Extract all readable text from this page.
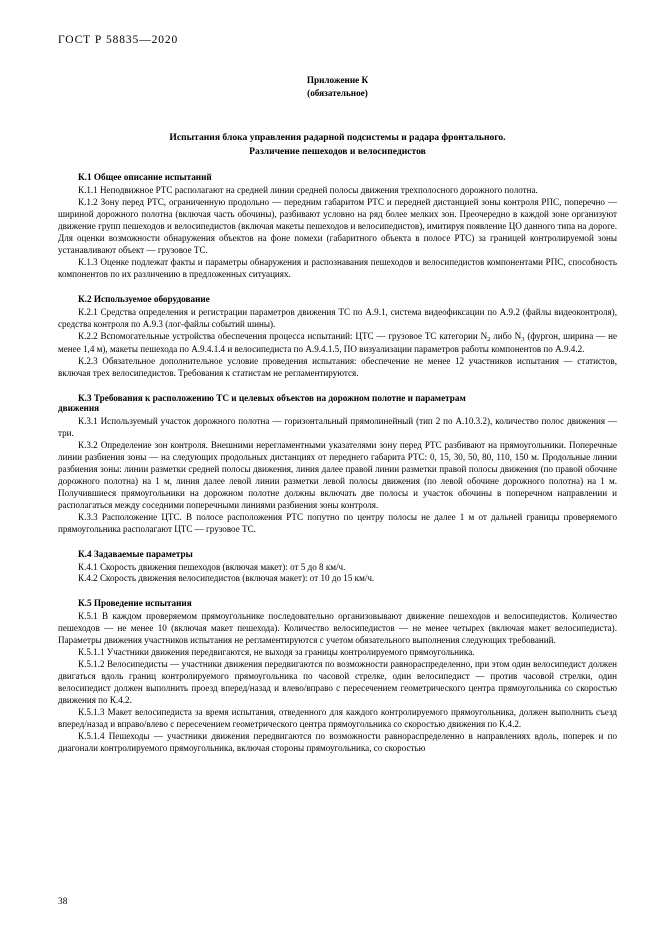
ГОСТ Р 58835—2020
Приложение К
(обязательное)
Испытания блока управления радарной подсистемы и радара фронтального.
Различение пешеходов и велосипедистов
К.1 Общее описание испытаний

К.1.1 Неподвижное РТС располагают на средней линии средней полосы движения трехполосного дорожного полотна.

К.1.2 Зону перед РТС, ограниченную продольно — передним габаритом РТС и передней дистанцией зоны контроля РПС, поперечно — шириной дорожного полотна (включая часть обочины), разбивают условно на ряд более мелких зон. Преочередно в каждой зоне организуют движение групп пешеходов и велосипедистов (включая макеты пешеходов и велосипедистов), имитируя появление ЦО данного типа на дороге. Для оценки возможности обнаружения объектов на фоне помехи (габаритного объекта в полосе РТС) за границей контролируемой зоны устанавливают объект — грузовое ТС.

К.1.3 Оценке подлежат факты и параметры обнаружения и распознавания пешеходов и велосипедистов компонентами РПС, способность компонентов по их различению в предложенных ситуациях.

К.2 Используемое оборудование

К.2.1 Средства определения и регистрации параметров движения ТС по А.9.1, система видеофиксации по А.9.2 (файлы видеоконтроля), средства контроля по А.9.3 (лог-файлы событий шины).

К.2.2 Вспомогательные устройства обеспечения процесса испытаний: ЦТС — грузовое ТС категории $N_2$ либо $N_3$ (фургон, ширина — не менее 1,4 м), макеты пешехода по А.9.4.1.4 и велосипедиста по А.9.4.1.5, ПО визуализации параметров работы компонентов по А.9.4.2.

К.2.3 Обязательное дополнительное условие проведения испытания: обеспечение не менее 12 участников испытания — статистов, включая трех велосипедистов. Требования к статистам не регламентируются.

К.3 Требования к расположению ТС и целевых объектов на дорожном полотне и параметрам
движения

К.3.1 Используемый участок дорожного полотна — горизонтальный прямолинейный (тип 2 по А.10.3.2), количество полос движения — три.

К.3.2 Определение зон контроля. Внешними нерегламентными указателями зону перед РТС разбивают на прямоугольники. Поперечные линии разбиения зоны — на следующих продольных дистанциях от переднего габарита РТС: 0, 15, 30, 50, 80, 110, 150 м. Продольные линии разбиения зоны: линии разметки средней полосы движения, линия далее правой линии разметки правой полосы движения (по правой обочине дорожного полотна) на 1 м, линия далее левой линии разметки левой полосы движения (по левой обочине дорожного полотна) на 1 м. Получившиеся прямоугольники на дорожном полотне должны включать две полосы и участок обочины в поперечном направлении и располагаться между соседними поперечными линиями разбиения зоны контроля.

К.3.3 Расположение ЦТС. В полосе расположения РТС попутно по центру полосы не далее 1 м от дальней границы проверяемого прямоугольника располагают ЦТС — грузовое ТС.

К.4 Задаваемые параметры

К.4.1 Скорость движения пешеходов (включая макет): от 5 до 8 км/ч.

К.4.2 Скорость движения велосипедистов (включая макет): от 10 до 15 км/ч.

К.5 Проведение испытания

К.5.1 В каждом проверяемом прямоугольнике последовательно организовывают движение пешеходов и велосипедистов. Количество пешеходов — не менее 10 (включая макет пешехода). Количество велосипедистов — не менее четырех (включая макет велосипедиста). Параметры движения участников испытания не регламентируются с учетом обязательного выполнения следующих требований.

К.5.1.1 Участники движения передвигаются, не выходя за границы контролируемого прямоугольника.

К.5.1.2 Велосипедисты — участники движения передвигаются по возможности равнораспределенно, при этом один велосипедист должен двигаться вдоль границ контролируемого прямоугольника по часовой стрелке, один велосипедист — против часовой стрелки, один велосипедист должен выполнить проезд вперед/назад и влево/вправо с пересечением геометрического центра прямоугольника со скоростью движения по К.4.2.

К.5.1.3 Макет велосипедиста за время испытания, отведенного для каждого контролируемого прямоугольника, должен выполнить съезд вперед/назад и вправо/влево с пересечением геометрического центра прямоугольника со скоростью движения по К.4.2.

К.5.1.4 Пешеходы — участники движения передвигаются по возможности равнораспределенно в направлениях вдоль, поперек и по диагонали контролируемого прямоугольника, включая стороны прямоугольника, со скоростью

38
